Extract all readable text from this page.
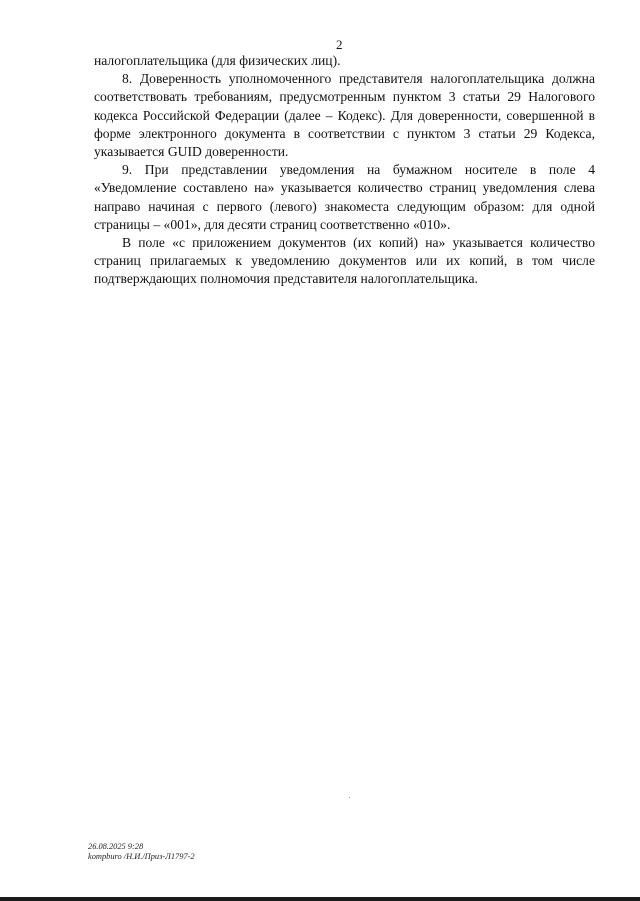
2

налогоплательщика (для физических лиц).

8. Доверенность уполномоченного представителя налогоплательщика должна соответствовать требованиям, предусмотренным пунктом 3 статьи 29 Налогового кодекса Российской Федерации (далее – Кодекс). Для доверенности, совершенной в форме электронного документа в соответствии с пунктом 3 статьи 29 Кодекса, указывается GUID доверенности.

9. При представлении уведомления на бумажном носителе в поле 4 «Уведомление составлено на» указывается количество страниц уведомления слева направо начиная с первого (левого) знакоместа следующим образом: для одной страницы – «001», для десяти страниц соответственно «010».

В поле «с приложением документов (их копий) на» указывается количество страниц прилагаемых к уведомлению документов или их копий, в том числе подтверждающих полномочия представителя налогоплательщика.

26.08.2025 9:28
kompburo /Н.И./Приз-Л1797-2
